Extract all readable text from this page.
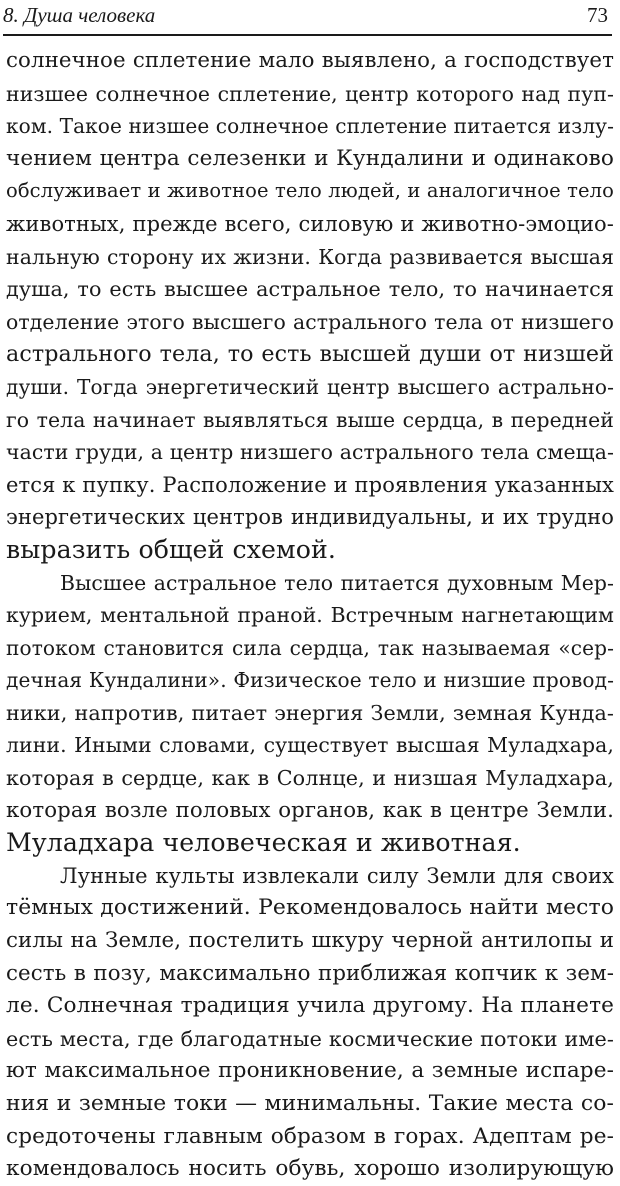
8. Душа человека	73
солнечное сплетение мало выявлено, а господствует
низшее солнечное сплетение, центр которого над пуп-
ком. Такое низшее солнечное сплетение питается излу-
чением центра селезенки и Кундалини и одинаково
обслуживает и животное тело людей, и аналогичное тело
животных, прежде всего, силовую и животно-эмоцио-
нальную сторону их жизни. Когда развивается высшая
душа, то есть высшее астральное тело, то начинается
отделение этого высшего астрального тела от низшего
астрального тела, то есть высшей души от низшей
души. Тогда энергетический центр высшего астрально-
го тела начинает выявляться выше сердца, в передней
части груди, а центр низшего астрального тела смеща-
ется к пупку. Расположение и проявления указанных
энергетических центров индивидуальны, и их трудно
выразить общей схемой.
Высшее астральное тело питается духовным Мер-
курием, ментальной праной. Встречным нагнетающим
потоком становится сила сердца, так называемая «сер-
дечная Кундалини». Физическое тело и низшие провод-
ники, напротив, питает энергия Земли, земная Кунда-
лини. Иными словами, существует высшая Муладхара,
которая в сердце, как в Солнце, и низшая Муладхара,
которая возле половых органов, как в центре Земли.
Муладхара человеческая и животная.
Лунные культы извлекали силу Земли для своих
тёмных достижений. Рекомендовалось найти место
силы на Земле, постелить шкуру черной антилопы и
сесть в позу, максимально приближая копчик к зем-
ле. Солнечная традиция учила другому. На планете
есть места, где благодатные космические потоки име-
ют максимальное проникновение, а земные испаре-
ния и земные токи — минимальны. Такие места со-
средоточены главным образом в горах. Адептам ре-
комендовалось носить обувь, хорошо изолирующую
